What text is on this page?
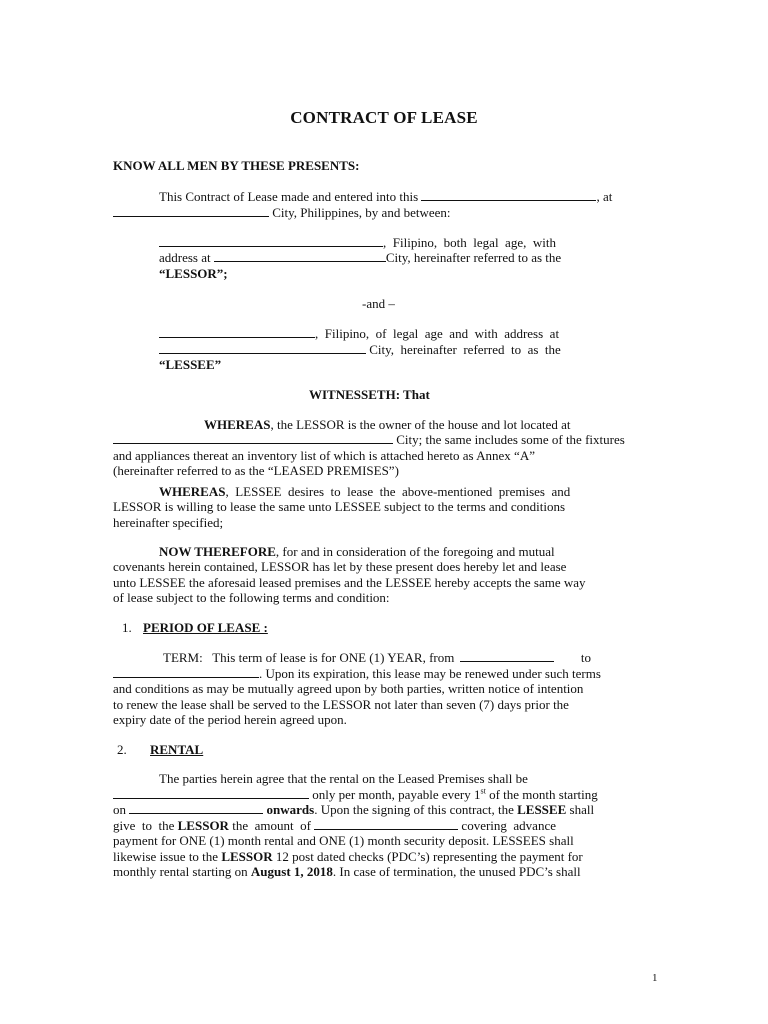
CONTRACT OF LEASE
KNOW ALL MEN BY THESE PRESENTS:
This Contract of Lease made and entered into this	, at
City, Philippines, by and between:
,  Filipino,  both  legal  age,  with
address at	City, hereinafter referred to as the
“LESSOR”;
-and –
,  Filipino,  of  legal  age  and  with  address  at
City,  hereinafter  referred  to  as  the
“LESSEE”
WITNESSETH: That
WHEREAS, the LESSOR is the owner of the house and lot located at
City; the same includes some of the fixtures
and appliances thereat an inventory list of which is attached hereto as Annex “A”
(hereinafter referred to as the “LEASED PREMISES”)
WHEREAS,  LESSEE  desires  to  lease  the  above-mentioned  premises  and
LESSOR is willing to lease the same unto LESSEE subject to the terms and conditions
hereinafter specified;
NOW THEREFORE, for and in consideration of the foregoing and mutual
covenants herein contained, LESSOR has let by these present does hereby let and lease
unto LESSEE the aforesaid leased premises and the LESSEE hereby accepts the same way
of lease subject to the following terms and condition:
1. PERIOD OF LEASE :
TERM:   This term of lease is for ONE (1) YEAR, from	to
. Upon its expiration, this lease may be renewed under such terms
and conditions as may be mutually agreed upon by both parties, written notice of intention
to renew the lease shall be served to the LESSOR not later than seven (7) days prior the
expiry date of the period herein agreed upon.
2. RENTAL
The parties herein agree that the rental on the Leased Premises shall be
only per month, payable every 1st of the month starting
on	onwards. Upon the signing of this contract, the LESSEE shall
give  to  the LESSOR the  amount  of	covering  advance
payment for ONE (1) month rental and ONE (1) month security deposit. LESSEES shall
likewise issue to the LESSOR 12 post dated checks (PDC’s) representing the payment for
monthly rental starting on August 1, 2018. In case of termination, the unused PDC’s shall
1
